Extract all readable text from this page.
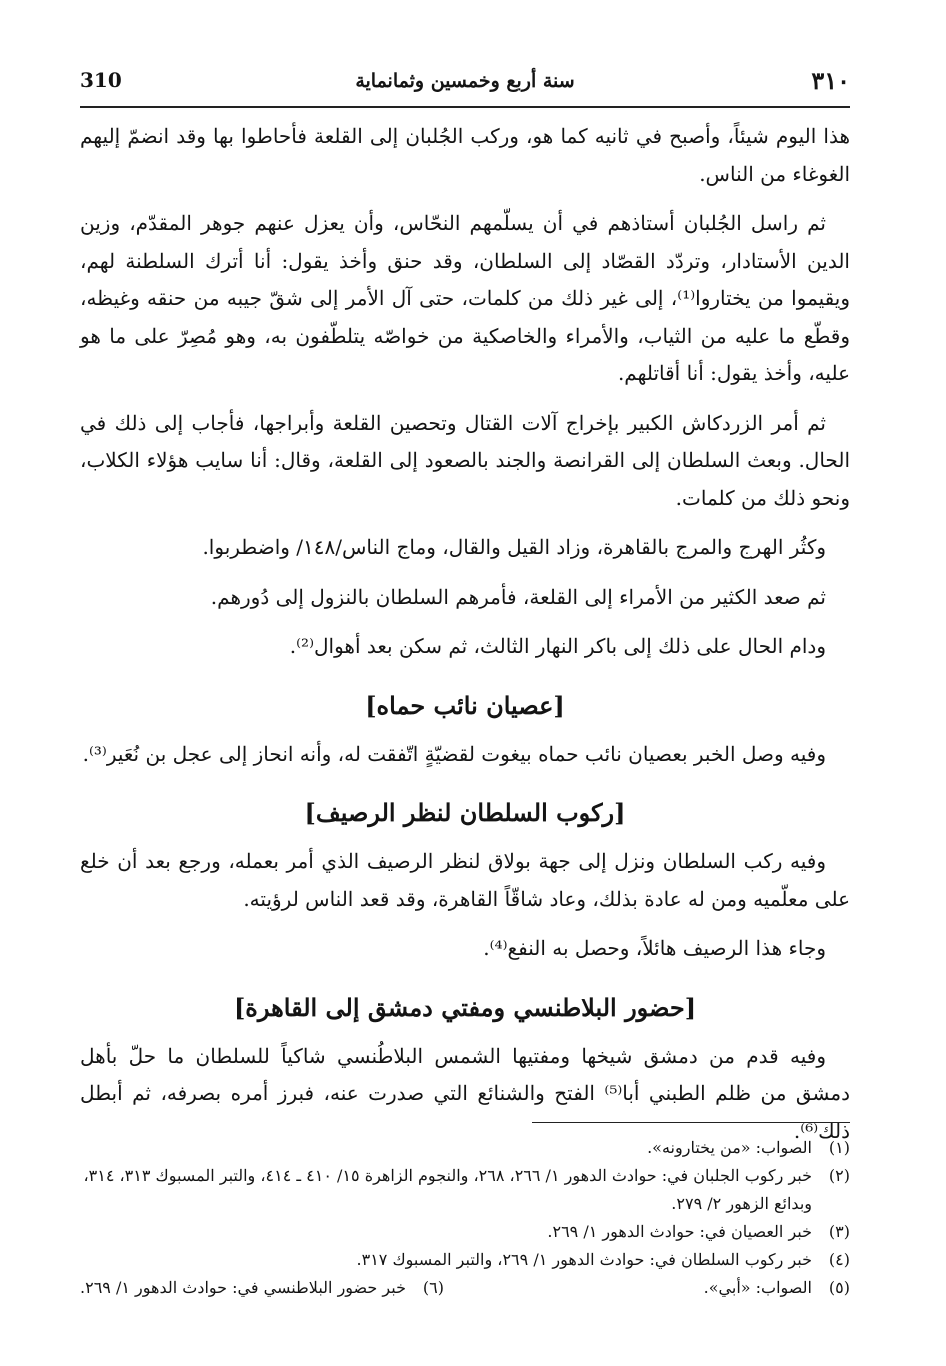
٣١٠
سنة أربع وخمسين وثمانماية
310

هذا اليوم شيئاً، وأصبح في ثانيه كما هو، وركب الجُلبان إلى القلعة فأحاطوا بها وقد انضمّ إليهم الغوغاء من الناس.

ثم راسل الجُلبان أستاذهم في أن يسلّمهم النحّاس، وأن يعزل عنهم جوهر المقدّم، وزين الدين الأستادار، وتردّد القصّاد إلى السلطان، وقد حنق وأخذ يقول: أنا أترك السلطنة لهم، ويقيموا من يختاروا⁽¹⁾، إلى غير ذلك من كلمات، حتى آل الأمر إلى شقّ جيبه من حنقه وغيظه، وقطّع ما عليه من الثياب، والأمراء والخاصكية من خواصّه يتلطّفون به، وهو مُصِرّ على ما هو عليه، وأخذ يقول: أنا أقاتلهم.

ثم أمر الزردكاش الكبير بإخراج آلات القتال وتحصين القلعة وأبراجها، فأجاب إلى ذلك في الحال. وبعث السلطان إلى القرانصة والجند بالصعود إلى القلعة، وقال: أنا سايب هؤلاء الكلاب، ونحو ذلك من كلمات.

وكثُر الهرج والمرج بالقاهرة، وزاد القيل والقال، وماج الناس/١٤٨/ واضطربوا.

ثم صعد الكثير من الأمراء إلى القلعة، فأمرهم السلطان بالنزول إلى دُورهم.

ودام الحال على ذلك إلى باكر النهار الثالث، ثم سكن بعد أهوال⁽²⁾.

[عصيان نائب حماه]

وفيه وصل الخبر بعصيان نائب حماه بيغوت لقضيّةٍ اتّفقت له، وأنه انحاز إلى عجل بن نُعَير⁽³⁾.

[ركوب السلطان لنظر الرصيف]

وفيه ركب السلطان ونزل إلى جهة بولاق لنظر الرصيف الذي أمر بعمله، ورجع بعد أن خلع على معلّميه ومن له عادة بذلك، وعاد شاقّاً القاهرة، وقد قعد الناس لرؤيته.

وجاء هذا الرصيف هائلاً، وحصل به النفع⁽⁴⁾.

[حضور البلاطنسي ومفتي دمشق إلى القاهرة]

وفيه قدم من دمشق شيخها ومفتيها الشمس البلاطُنسي شاكياً للسلطان ما حلّ بأهل دمشق من ظلم الطبني أبا⁽⁵⁾ الفتح والشنائع التي صدرت عنه، فبرز أمره بصرفه، ثم أبطل ذلك⁽⁶⁾.

(١)الصواب: «من يختارونه».

(٢)خبر ركوب الجلبان في: حوادث الدهور ١/ ٢٦٦، ٢٦٨، والنجوم الزاهرة ١٥/ ٤١٠ ـ ٤١٤، والتبر المسبوك ٣١٣، ٣١٤، وبدائع الزهور ٢/ ٢٧٩.

(٣)خبر العصيان في: حوادث الدهور ١/ ٢٦٩.

(٤)خبر ركوب السلطان في: حوادث الدهور ١/ ٢٦٩، والتبر المسبوك ٣١٧.

(٥)الصواب: «أبي».

(٦)خبر حضور البلاطنسي في: حوادث الدهور ١/ ٢٦٩.
